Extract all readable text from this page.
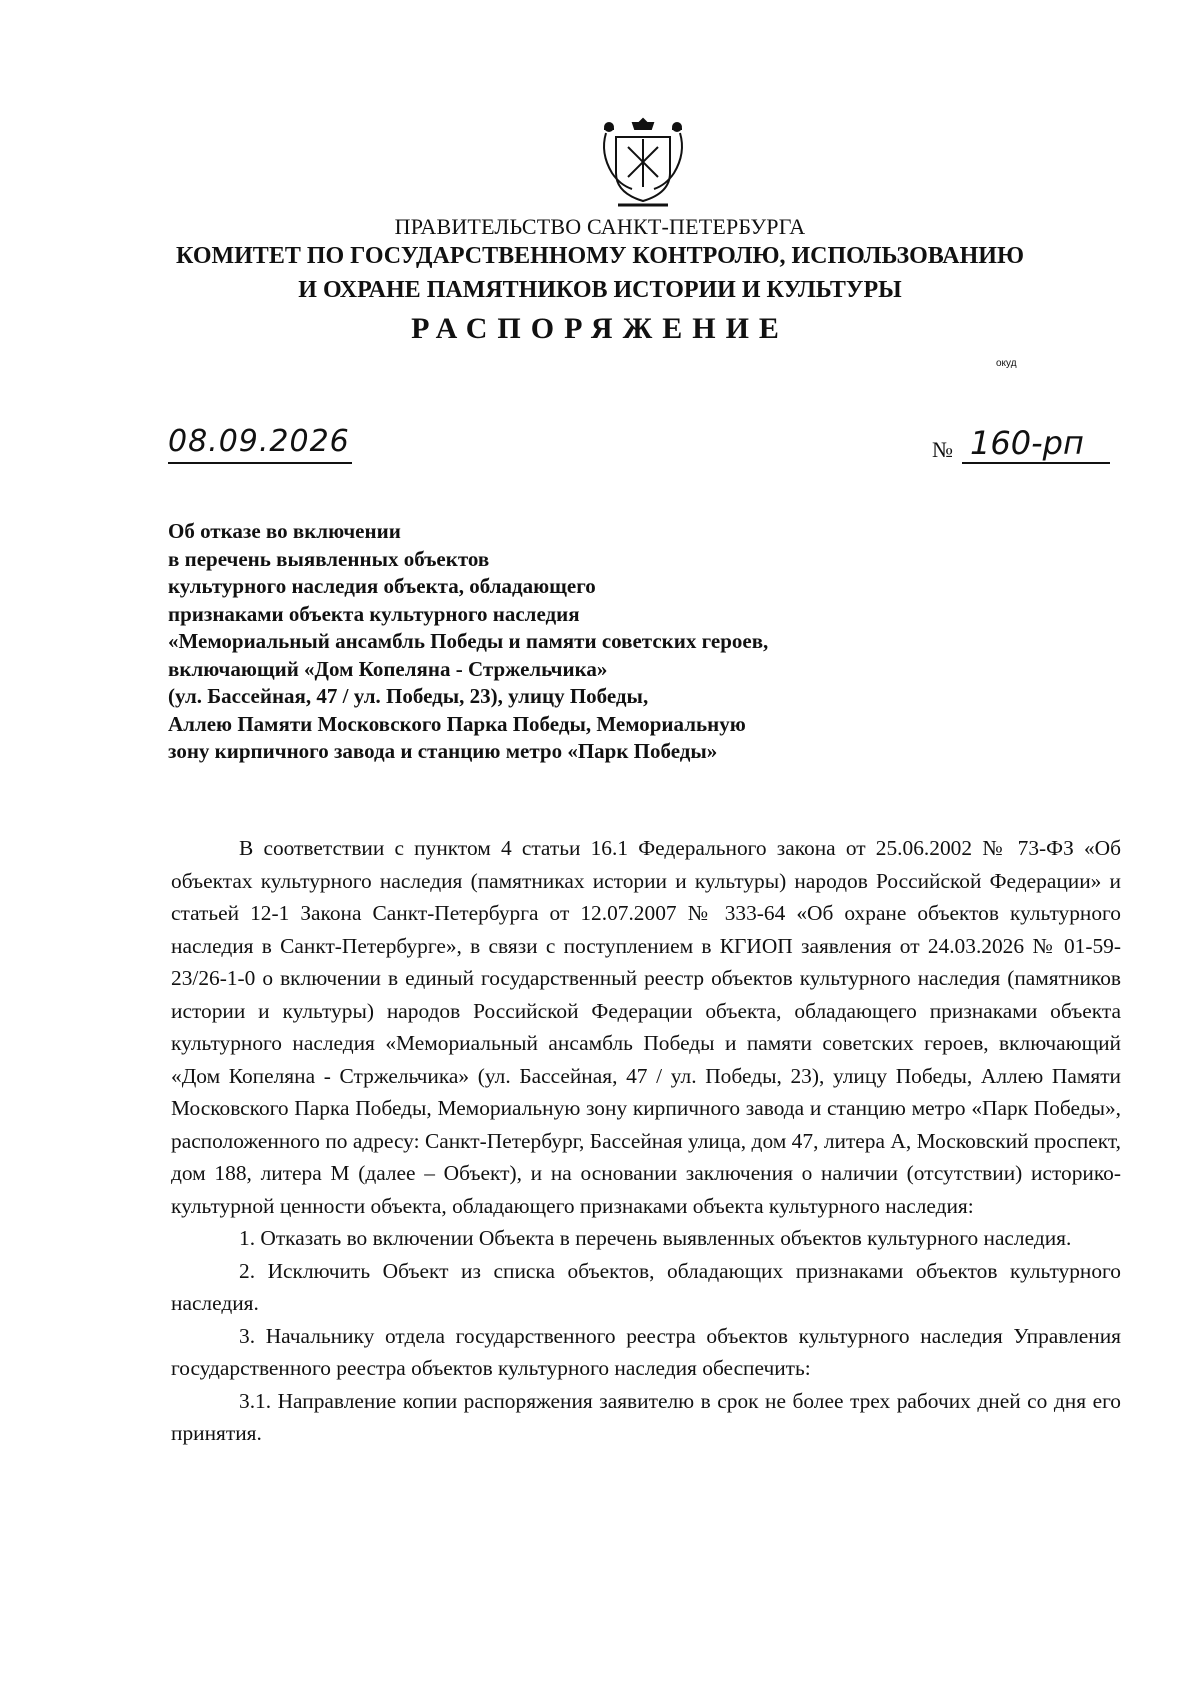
ПРАВИТЕЛЬСТВО САНКТ-ПЕТЕРБУРГА
КОМИТЕТ ПО ГОСУДАРСТВЕННОМУ КОНТРОЛЮ, ИСПОЛЬЗОВАНИЮ
И ОХРАНЕ ПАМЯТНИКОВ ИСТОРИИ И КУЛЬТУРЫ
РАСПОРЯЖЕНИЕ
окуд
08.09.2026	№ 160-рп
Об отказе во включении
в перечень выявленных объектов
культурного наследия объекта, обладающего
признаками объекта культурного наследия
«Мемориальный ансамбль Победы и памяти советских героев,
включающий «Дом Копеляна - Стржельчика»
(ул. Бассейная, 47 / ул. Победы, 23), улицу Победы,
Аллею Памяти Московского Парка Победы, Мемориальную
зону кирпичного завода и станцию метро «Парк Победы»

В соответствии с пунктом 4 статьи 16.1 Федерального закона от 25.06.2002 № 73-ФЗ «Об объектах культурного наследия (памятниках истории и культуры) народов Российской Федерации» и статьей 12-1 Закона Санкт-Петербурга от 12.07.2007 № 333-64 «Об охране объектов культурного наследия в Санкт-Петербурге», в связи с поступлением в КГИОП заявления от 24.03.2026 № 01-59-23/26-1-0 о включении в единый государственный реестр объектов культурного наследия (памятников истории и культуры) народов Российской Федерации объекта, обладающего признаками объекта культурного наследия «Мемориальный ансамбль Победы и памяти советских героев, включающий «Дом Копеляна - Стржельчика» (ул. Бассейная, 47 / ул. Победы, 23), улицу Победы, Аллею Памяти Московского Парка Победы, Мемориальную зону кирпичного завода и станцию метро «Парк Победы», расположенного по адресу: Санкт-Петербург, Бассейная улица, дом 47, литера А, Московский проспект, дом 188, литера М (далее – Объект), и на основании заключения о наличии (отсутствии) историко-культурной ценности объекта, обладающего признаками объекта культурного наследия:

1. Отказать во включении Объекта в перечень выявленных объектов культурного наследия.

2. Исключить Объект из списка объектов, обладающих признаками объектов культурного наследия.

3. Начальнику отдела государственного реестра объектов культурного наследия Управления государственного реестра объектов культурного наследия обеспечить:

3.1. Направление копии распоряжения заявителю в срок не более трех рабочих дней со дня его принятия.
